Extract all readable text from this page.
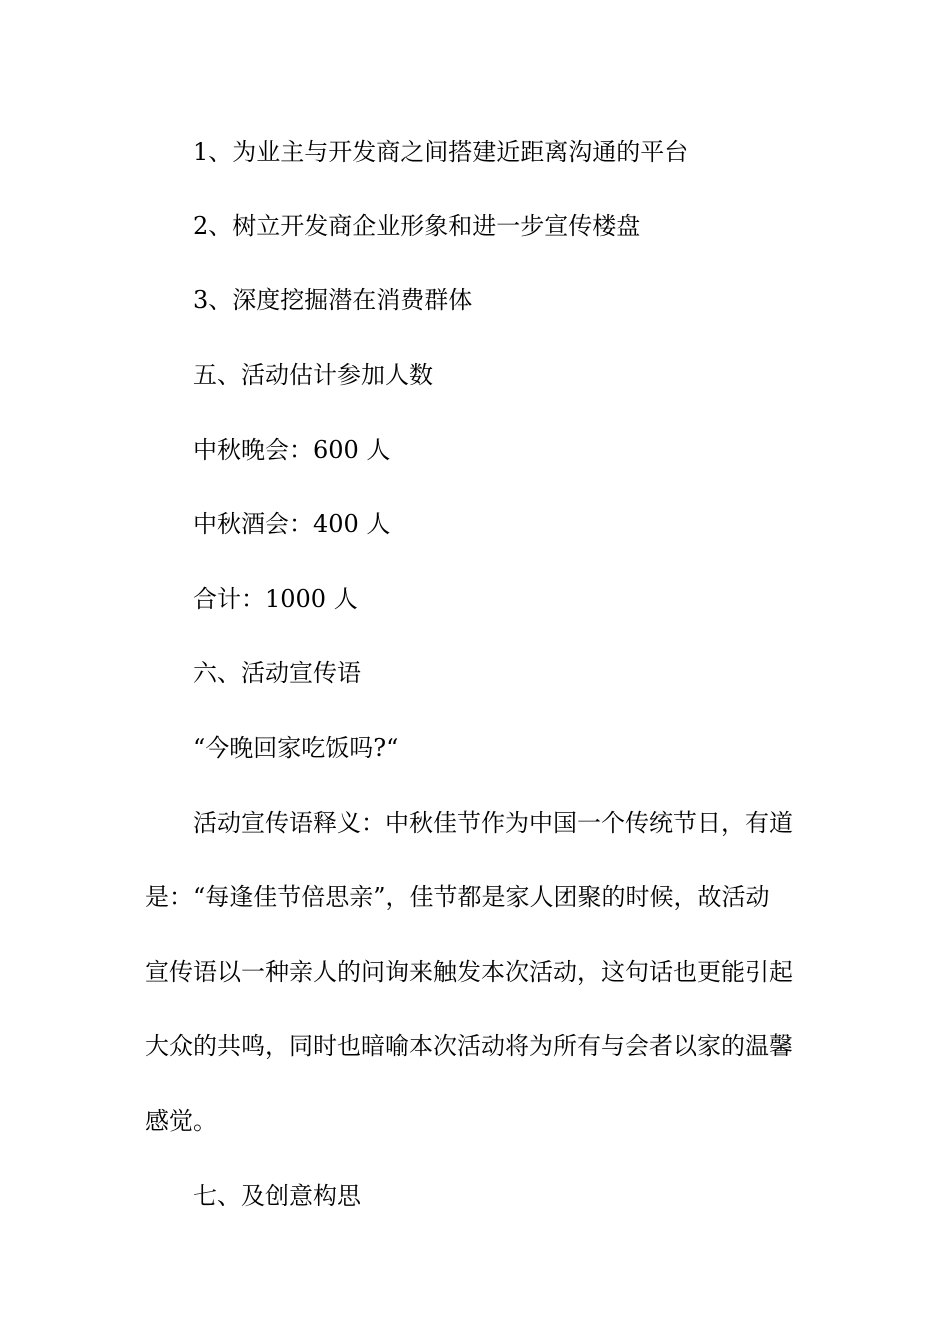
1、为业主与开发商之间搭建近距离沟通的平台
2、树立开发商企业形象和进一步宣传楼盘
3、深度挖掘潜在消费群体
五、活动估计参加人数
中秋晚会：600 人
中秋酒会：400 人
合计：1000 人
六、活动宣传语
“今晚回家吃饭吗?“
活动宣传语释义：中秋佳节作为中国一个传统节日，有道
是：“每逢佳节倍思亲”，佳节都是家人团聚的时候，故活动
宣传语以一种亲人的问询来触发本次活动，这句话也更能引起
大众的共鸣，同时也暗喻本次活动将为所有与会者以家的温馨
感觉。
七、及创意构思
